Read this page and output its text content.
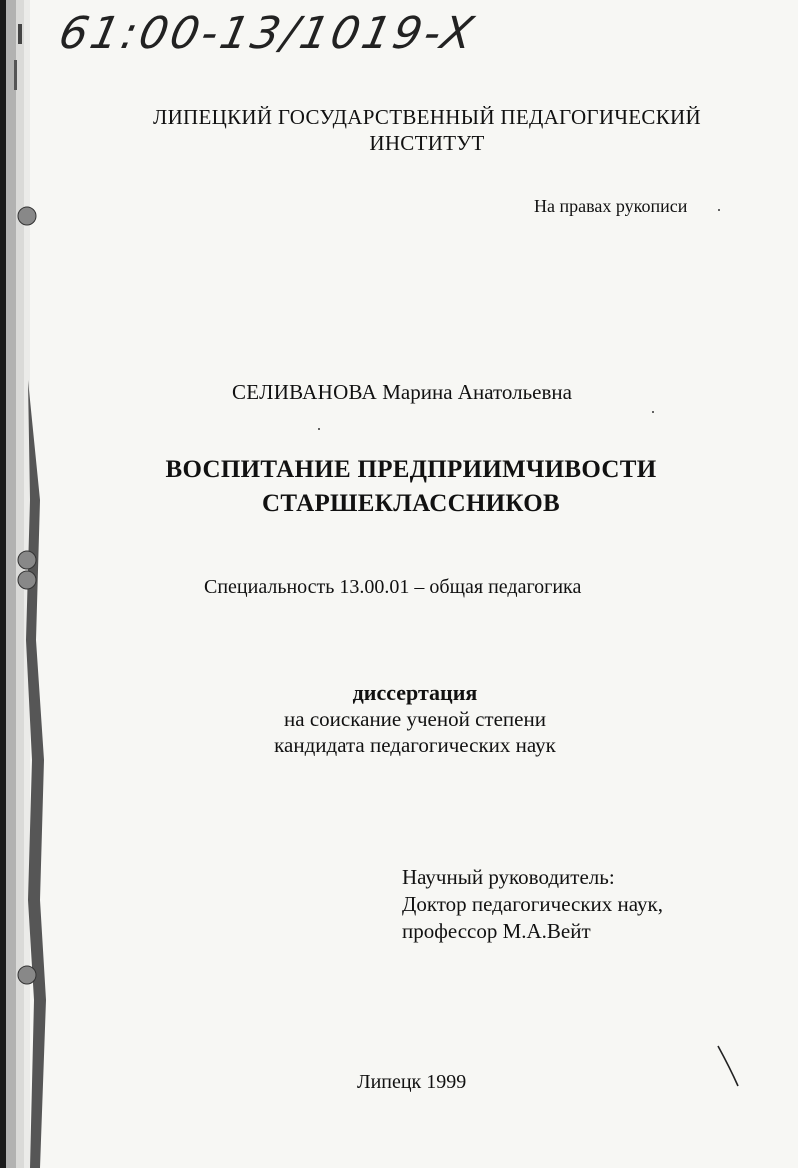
61:00-13/1019-X
ЛИПЕЦКИЙ ГОСУДАРСТВЕННЫЙ ПЕДАГОГИЧЕСКИЙ
ИНСТИТУТ
На правах рукописи
СЕЛИВАНОВА Марина Анатольевна
ВОСПИТАНИЕ ПРЕДПРИИМЧИВОСТИ
СТАРШЕКЛАССНИКОВ
Специальность 13.00.01 – общая педагогика
диссертация
на соискание ученой степени
кандидата педагогических наук
Научный руководитель:
Доктор педагогических наук,
профессор М.А.Вейт
Липецк 1999
